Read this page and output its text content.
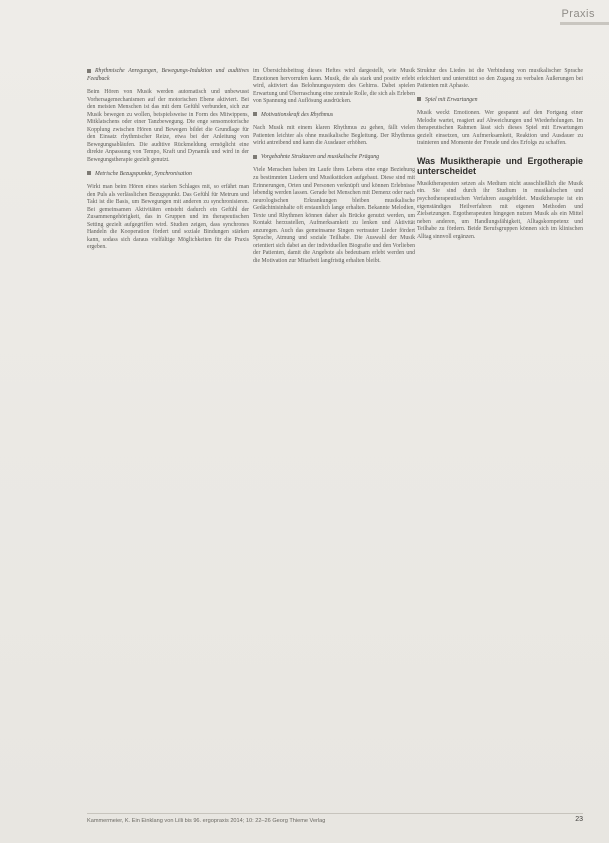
Praxis

Rhythmische Anregungen, Bewegungs-Induktion und auditives Feedback

Beim Hören von Musik werden automatisch und unbewusst Vorhersagemechanismen auf der motorischen Ebene aktiviert. Bei den meisten Menschen ist das mit dem Gefühl verbunden, sich zur Musik bewegen zu wollen, beispielsweise in Form des Mitwippens, Mitklatschens oder einer Tanzbewegung. Die enge sensomotorische Kopplung zwischen Hören und Bewegen bildet die Grundlage für den Einsatz rhythmischer Reize, etwa bei der Anleitung von Bewegungsabläufen. Die auditive Rückmeldung ermöglicht eine direkte Anpassung von Tempo, Kraft und Dynamik und wird in der Bewegungstherapie gezielt genutzt.

Metrische Bezugspunkte, Synchronisation

Wirkt man beim Hören eines starken Schlages mit, so erfährt man den Puls als verlässlichen Bezugspunkt. Das Gefühl für Metrum und Takt ist die Basis, um Bewegungen mit anderen zu synchronisieren. Bei gemeinsamen Aktivitäten entsteht dadurch ein Gefühl der Zusammengehörigkeit, das in Gruppen und im therapeutischen Setting gezielt aufgegriffen wird. Studien zeigen, dass synchrones Handeln die Kooperation fördert und soziale Bindungen stärken kann, sodass sich daraus vielfältige Möglichkeiten für die Praxis ergeben.

im Übersichtsbeitrag dieses Heftes wird dargestellt, wie Musik Emotionen hervorrufen kann. Musik, die als stark und positiv erlebt wird, aktiviert das Belohnungssystem des Gehirns. Dabei spielen Erwartung und Überraschung eine zentrale Rolle, die sich als Erleben von Spannung und Auflösung ausdrücken.

Motivationskraft des Rhythmus

Nach Musik mit einem klaren Rhythmus zu gehen, fällt vielen Patienten leichter als ohne musikalische Begleitung. Der Rhythmus wirkt antreibend und kann die Ausdauer erhöhen.

Vorgebahnte Strukturen und musikalische Prägung

Viele Menschen haben im Laufe ihres Lebens eine enge Beziehung zu bestimmten Liedern und Musikstücken aufgebaut. Diese sind mit Erinnerungen, Orten und Personen verknüpft und können Erlebnisse lebendig werden lassen. Gerade bei Menschen mit Demenz oder nach neurologischen Erkrankungen bleiben musikalische Gedächtnisinhalte oft erstaunlich lange erhalten. Bekannte Melodien, Texte und Rhythmen können daher als Brücke genutzt werden, um Kontakt herzustellen, Aufmerksamkeit zu lenken und Aktivität anzuregen. Auch das gemeinsame Singen vertrauter Lieder fördert Sprache, Atmung und soziale Teilhabe. Die Auswahl der Musik orientiert sich dabei an der individuellen Biografie und den Vorlieben der Patienten, damit die Angebote als bedeutsam erlebt werden und die Motivation zur Mitarbeit langfristig erhalten bleibt.

Struktur des Liedes ist die Verbindung von musikalischer Sprache erleichtert und unterstützt so den Zugang zu verbalen Äußerungen bei Patienten mit Aphasie.

Spiel mit Erwartungen

Musik weckt Emotionen. Wer gespannt auf den Fortgang einer Melodie wartet, reagiert auf Abweichungen und Wiederholungen. Im therapeutischen Rahmen lässt sich dieses Spiel mit Erwartungen gezielt einsetzen, um Aufmerksamkeit, Reaktion und Ausdauer zu trainieren und Momente der Freude und des Erfolgs zu schaffen.

Was Musiktherapie und Ergotherapie unterscheidet

Musiktherapeuten setzen als Medium nicht ausschließlich die Musik ein. Sie sind durch ihr Studium in musikalischen und psychotherapeutischen Verfahren ausgebildet. Musiktherapie ist ein eigenständiges Heilverfahren mit eigenen Methoden und Zielsetzungen. Ergotherapeuten hingegen nutzen Musik als ein Mittel neben anderen, um Handlungsfähigkeit, Alltagskompetenz und Teilhabe zu fördern. Beide Berufsgruppen können sich im klinischen Alltag sinnvoll ergänzen.

Kammermeier, K. Ein Einklang von Lilli bis 96. ergopraxis 2014; 10: 22–26 Georg Thieme Verlag	23
